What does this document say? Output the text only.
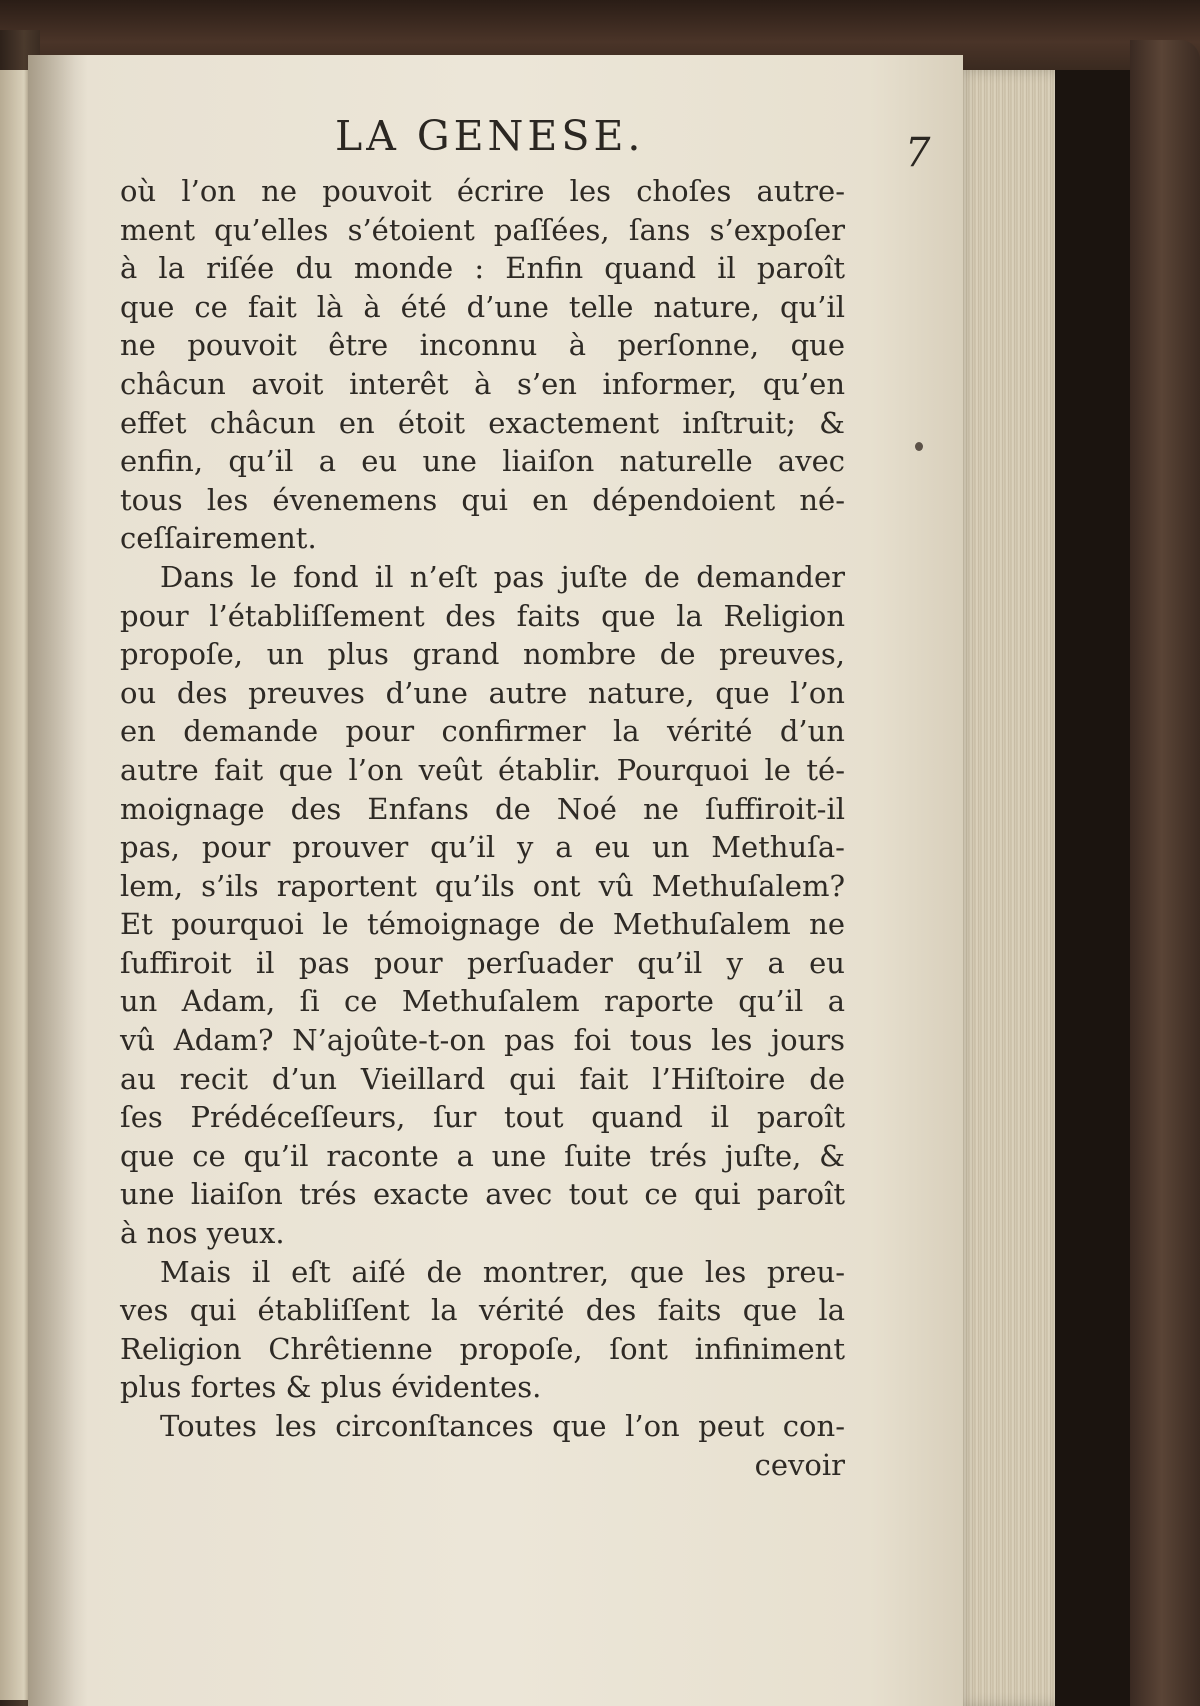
LA GENESE.	7
où l’on ne pouvoit écrire les choſes autre-
ment qu’elles s’étoient paſſées, ſans s’expoſer
à la riſée du monde : Enfin quand il paroît
que ce fait là à été d’une telle nature, qu’il
ne pouvoit être inconnu à perſonne, que
châcun avoit interêt à s’en informer, qu’en
effet châcun en étoit exactement inſtruit; &
enfin, qu’il a eu une liaiſon naturelle avec
tous les évenemens qui en dépendoient né-
ceſſairement.
Dans le fond il n’eſt pas juſte de demander
pour l’établiſſement des faits que la Religion
propoſe, un plus grand nombre de preuves,
ou des preuves d’une autre nature, que l’on
en demande pour confirmer la vérité d’un
autre fait que l’on veût établir. Pourquoi le té-
moignage des Enfans de Noé ne ſuffiroit-il
pas, pour prouver qu’il y a eu un Methuſa-
lem, s’ils raportent qu’ils ont vû Methuſalem?
Et pourquoi le témoignage de Methuſalem ne
ſuffiroit il pas pour perſuader qu’il y a eu
un Adam, ſi ce Methuſalem raporte qu’il a
vû Adam? N’ajoûte-t-on pas foi tous les jours
au recit d’un Vieillard qui fait l’Hiſtoire de
ſes Prédéceſſeurs, ſur tout quand il paroît
que ce qu’il raconte a une ſuite trés juſte, &
une liaiſon trés exacte avec tout ce qui paroît
à nos yeux.
Mais il eſt aiſé de montrer, que les preu-
ves qui établiſſent la vérité des faits que la
Religion Chrêtienne propoſe, ſont infiniment
plus fortes & plus évidentes.
Toutes les circonſtances que l’on peut con-
cevoir
